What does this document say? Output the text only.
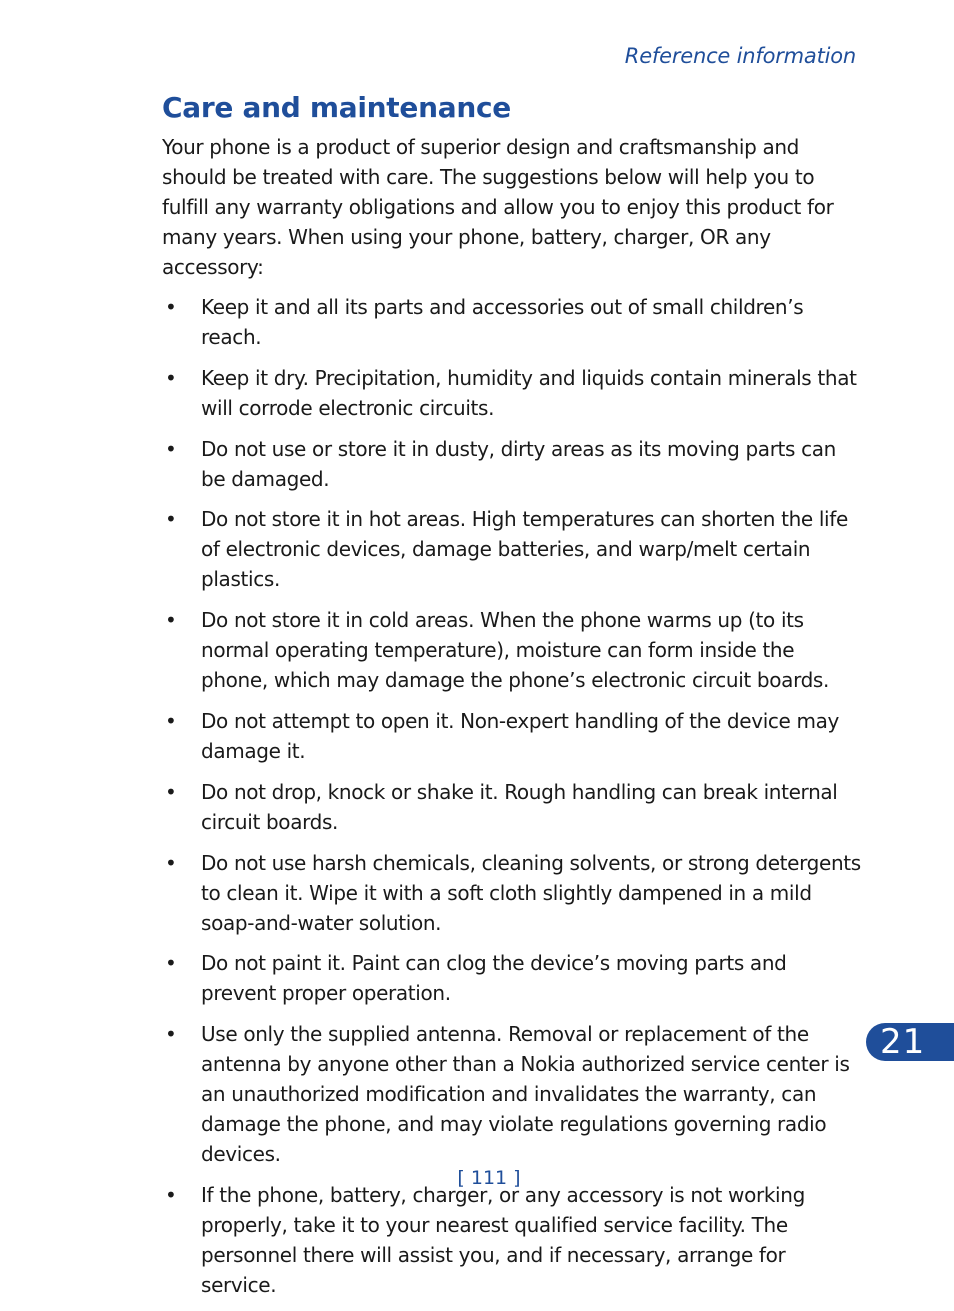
Reference information
Care and maintenance

Your phone is a product of superior design and craftsmanship and should be treated with care. The suggestions below will help you to fulfill any warranty obligations and allow you to enjoy this product for many years. When using your phone, battery, charger, OR any accessory:

• Keep it and all its parts and accessories out of small children’s reach.
• Keep it dry. Precipitation, humidity and liquids contain minerals that will corrode electronic circuits.
• Do not use or store it in dusty, dirty areas as its moving parts can be damaged.
• Do not store it in hot areas. High temperatures can shorten the life of electronic devices, damage batteries, and warp/melt certain plastics.
• Do not store it in cold areas. When the phone warms up (to its normal operating temperature), moisture can form inside the phone, which may damage the phone’s electronic circuit boards.
• Do not attempt to open it. Non-expert handling of the device may damage it.
• Do not drop, knock or shake it. Rough handling can break internal circuit boards.
• Do not use harsh chemicals, cleaning solvents, or strong detergents to clean it. Wipe it with a soft cloth slightly dampened in a mild soap-and-water solution.
• Do not paint it. Paint can clog the device’s moving parts and prevent proper operation.
• Use only the supplied antenna. Removal or replacement of the antenna by anyone other than a Nokia authorized service center is an unauthorized modification and invalidates the warranty, can damage the phone, and may violate regulations governing radio devices.
• If the phone, battery, charger, or any accessory is not working properly, take it to your nearest qualified service facility. The personnel there will assist you, and if necessary, arrange for service.
[ 111 ]
21
